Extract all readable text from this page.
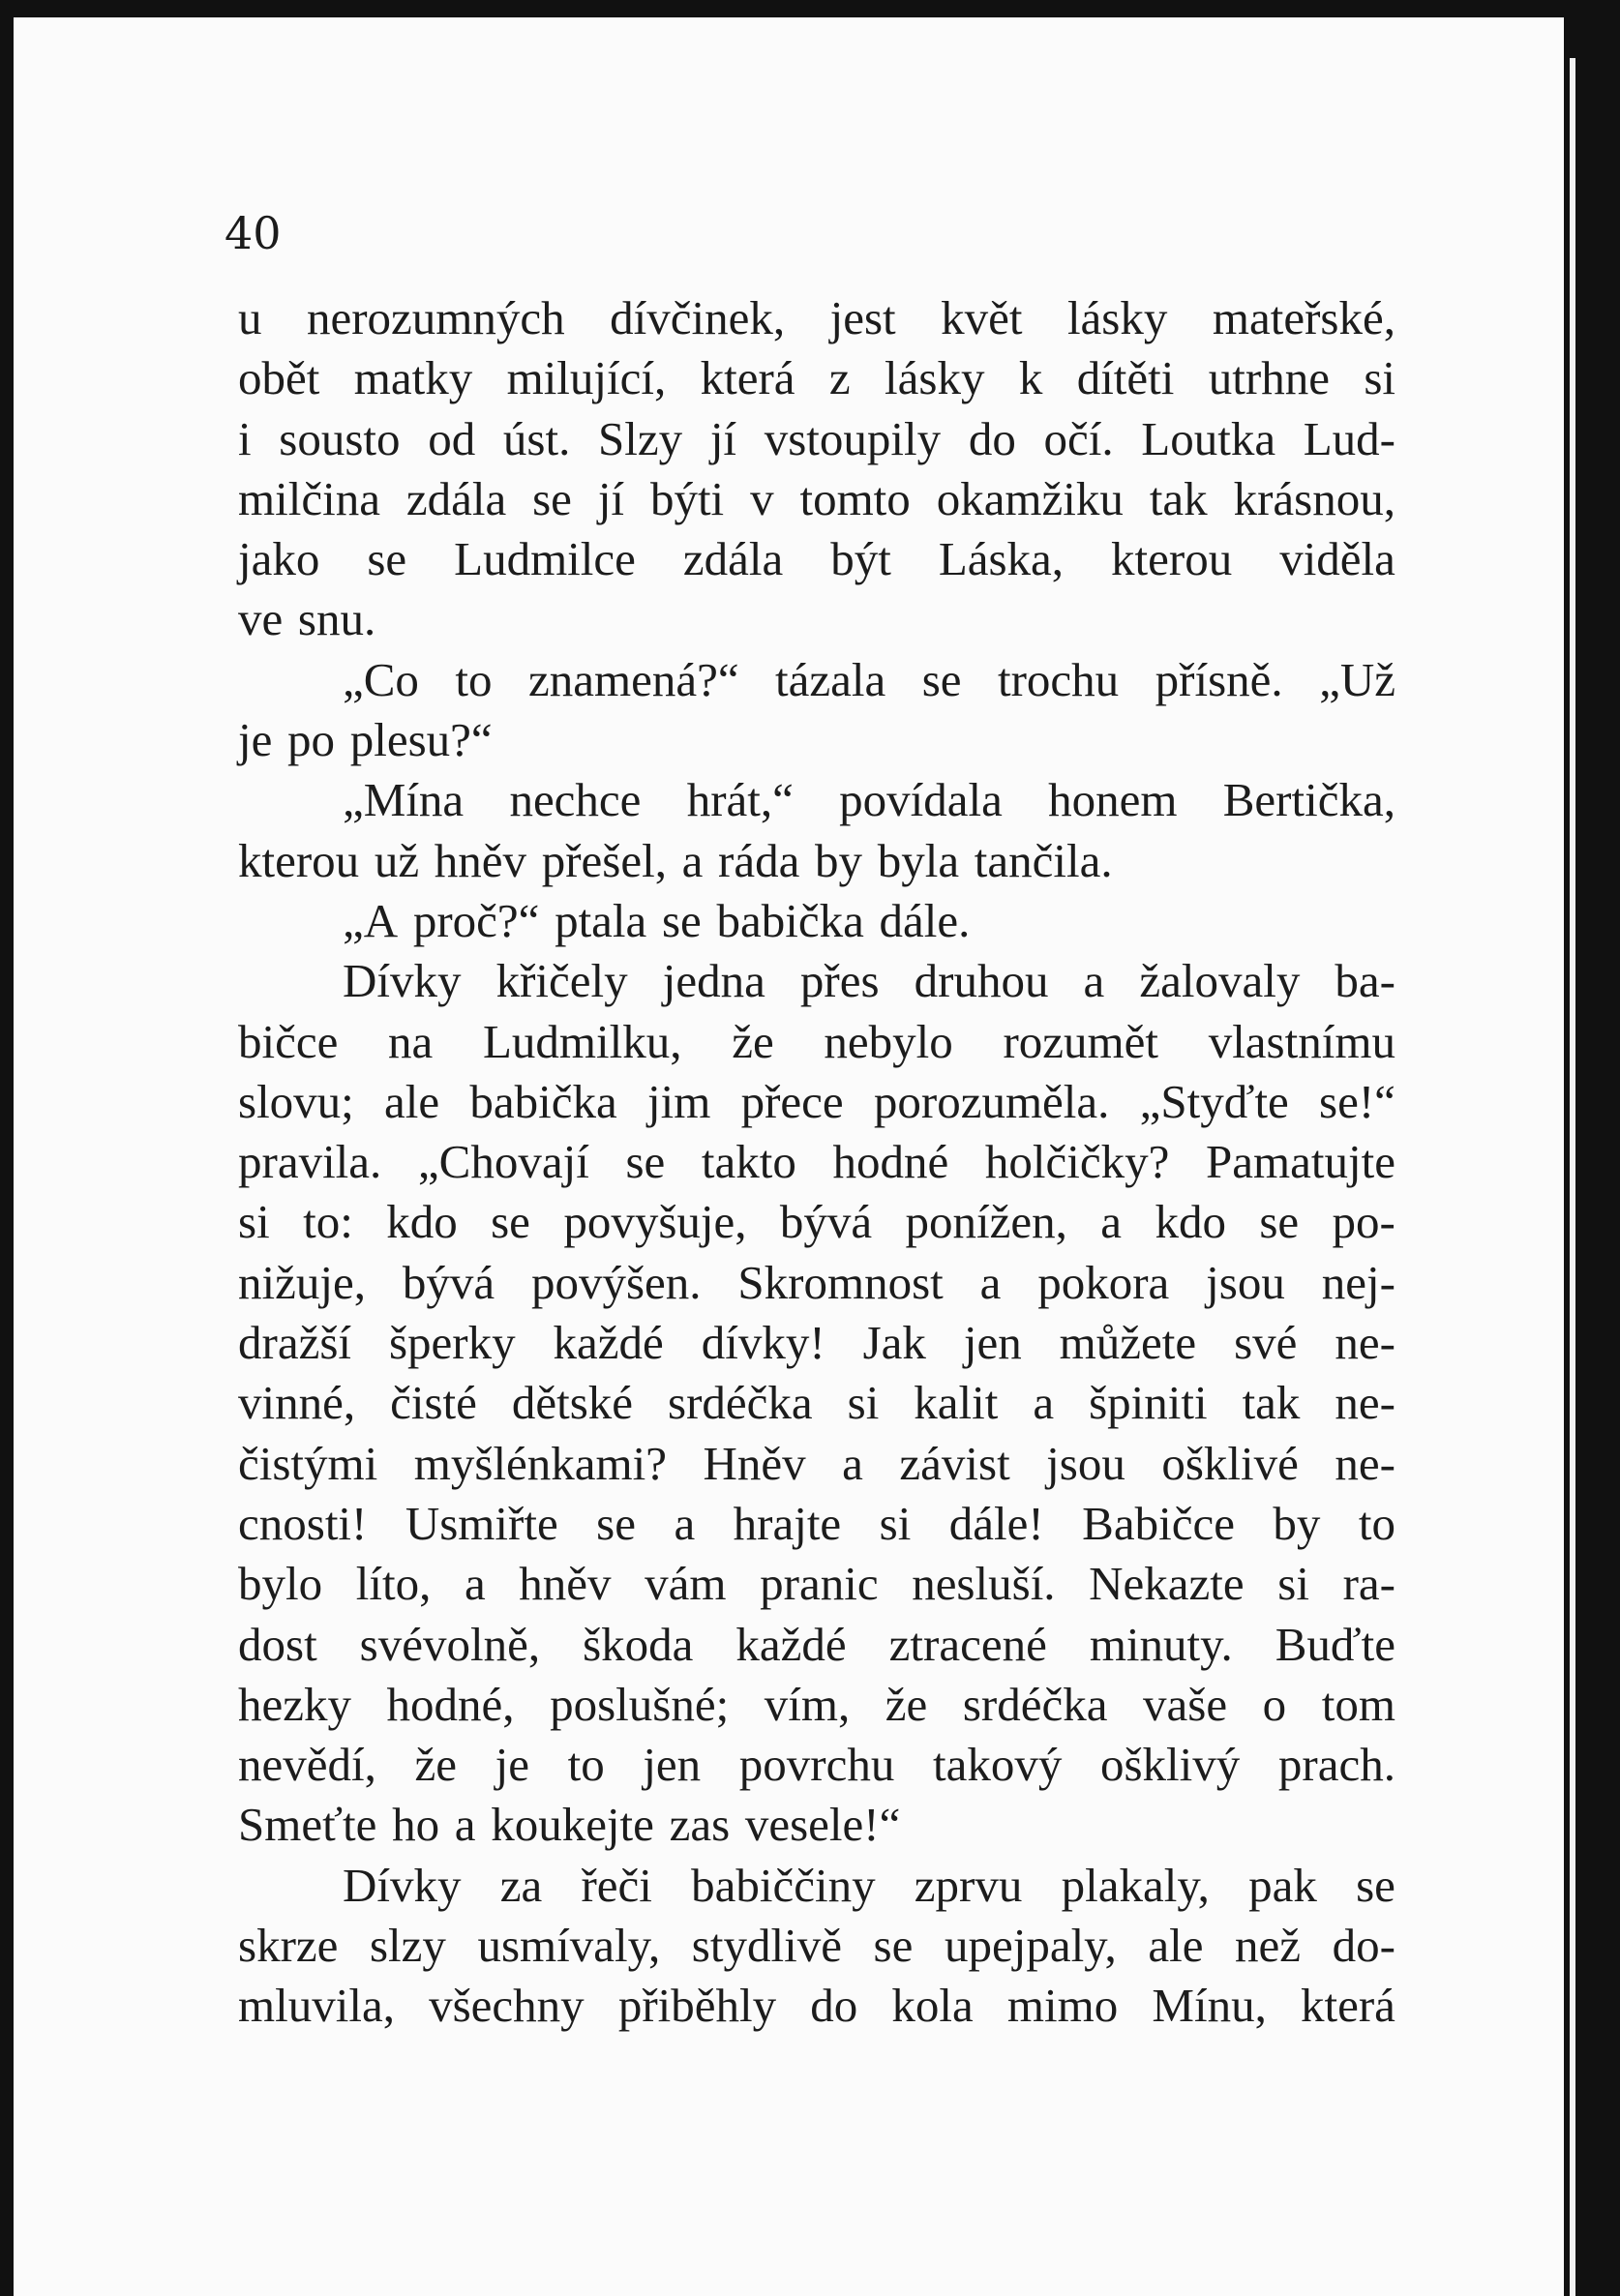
40
u nerozumných dívčinek, jest květ lásky mateřské,
obět matky milující, která z lásky k dítěti utrhne si
i sousto od úst. Slzy jí vstoupily do očí. Loutka Lud-
milčina zdála se jí býti v tomto okamžiku tak krásnou,
jako se Ludmilce zdála být Láska, kterou viděla
ve snu.
„Co to znamená?“ tázala se trochu přísně. „Už
je po plesu?“
„Mína nechce hrát,“ povídala honem Bertička,
kterou už hněv přešel, a ráda by byla tančila.
„A proč?“ ptala se babička dále.
Dívky křičely jedna přes druhou a žalovaly ba-
bičce na Ludmilku, že nebylo rozumět vlastnímu
slovu; ale babička jim přece porozuměla. „Styďte se!“
pravila. „Chovají se takto hodné holčičky? Pamatujte
si to: kdo se povyšuje, bývá ponížen, a kdo se po-
nižuje, bývá povýšen. Skromnost a pokora jsou nej-
dražší šperky každé dívky! Jak jen můžete své ne-
vinné, čisté dětské srdéčka si kalit a špiniti tak ne-
čistými myšlénkami? Hněv a závist jsou ošklivé ne-
cnosti! Usmiřte se a hrajte si dále! Babičce by to
bylo líto, a hněv vám pranic nesluší. Nekazte si ra-
dost svévolně, škoda každé ztracené minuty. Buďte
hezky hodné, poslušné; vím, že srdéčka vaše o tom
nevědí, že je to jen povrchu takový ošklivý prach.
Smeťte ho a koukejte zas vesele!“
Dívky za řeči babiččiny zprvu plakaly, pak se
skrze slzy usmívaly, stydlivě se upejpaly, ale než do-
mluvila, všechny přiběhly do kola mimo Mínu, která
